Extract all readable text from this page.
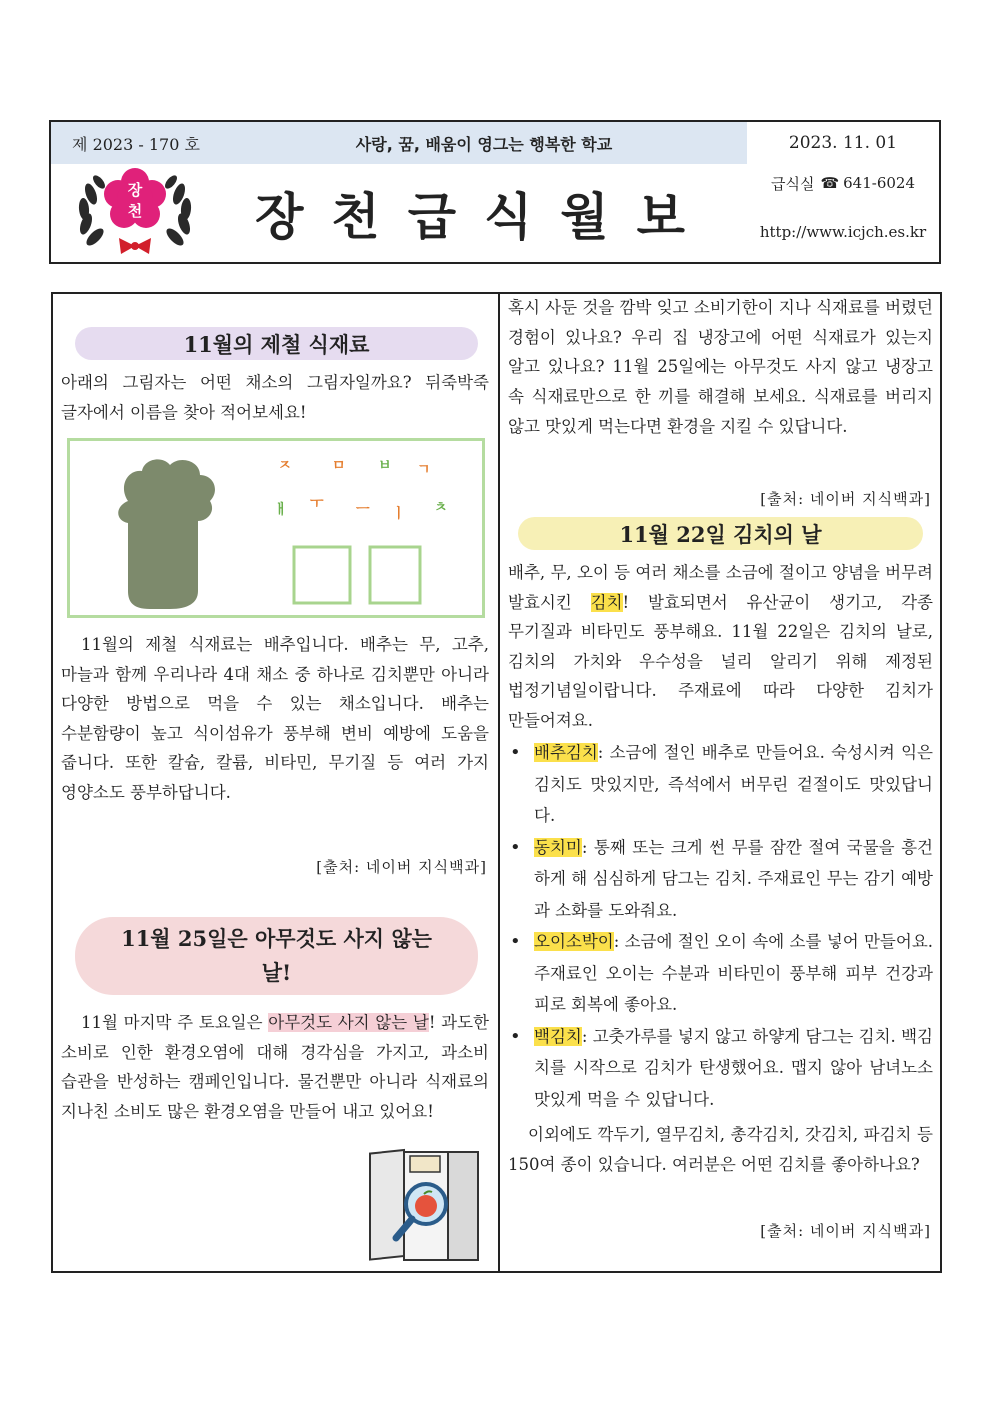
제 2023 - 170 호	사랑, 꿈, 배움이 영그는 행복한 학교	2023. 11. 01
장
천	장천급식월보
급식실 ☎ 641-6024
http://www.icjch.es.kr
11월의 제철 식재료

아래의 그림자는 어떤 채소의 그림자일까요? 뒤죽박죽 글자에서 이름을 찾아 적어보세요!

ㅈ	ㅁ ㅂ ㄱ
ㅐ ㅜ ㅡ ㅣ ㅊ

11월의 제철 식재료는 배추입니다. 배추는 무, 고추, 마늘과 함께 우리나라 4대 채소 중 하나로 김치뿐만 아니라 다양한 방법으로 먹을 수 있는 채소입니다. 배추는 수분함량이 높고 식이섬유가 풍부해 변비 예방에 도움을 줍니다. 또한 칼슘, 칼륨, 비타민, 무기질 등 여러 가지 영양소도 풍부하답니다.

[출처: 네이버 지식백과]
11월 25일은 아무것도 사지 않는
날!

11월 마지막 주 토요일은 아무것도 사지 않는 날! 과도한 소비로 인한 환경오염에 대해 경각심을 가지고, 과소비 습관을 반성하는 캠페인입니다. 물건뿐만 아니라 식재료의 지나친 소비도 많은 환경오염을 만들어 내고 있어요!

혹시 사둔 것을 깜박 잊고 소비기한이 지나 식재료를 버렸던 경험이 있나요? 우리 집 냉장고에 어떤 식재료가 있는지 알고 있나요? 11월 25일에는 아무것도 사지 않고 냉장고 속 식재료만으로 한 끼를 해결해 보세요. 식재료를 버리지 않고 맛있게 먹는다면 환경을 지킬 수 있답니다.

[출처: 네이버 지식백과]
11월 22일 김치의 날

배추, 무, 오이 등 여러 채소를 소금에 절이고 양념을 버무려 발효시킨 김치! 발효되면서 유산균이 생기고, 각종 무기질과 비타민도 풍부해요. 11월 22일은 김치의 날로, 김치의 가치와 우수성을 널리 알리기 위해 제정된 법정기념일이랍니다. 주재료에 따라 다양한 김치가 만들어져요.

• 배추김치: 소금에 절인 배추로 만들어요. 숙성시켜 익은 김치도 맛있지만, 즉석에서 버무린 겉절이도 맛있답니다.
• 동치미: 통째 또는 크게 썬 무를 잠깐 절여 국물을 흥건하게 해 심심하게 담그는 김치. 주재료인 무는 감기 예방과 소화를 도와줘요.
• 오이소박이: 소금에 절인 오이 속에 소를 넣어 만들어요. 주재료인 오이는 수분과 비타민이 풍부해 피부 건강과 피로 회복에 좋아요.
• 백김치: 고춧가루를 넣지 않고 하얗게 담그는 김치. 백김치를 시작으로 김치가 탄생했어요. 맵지 않아 남녀노소 맛있게 먹을 수 있답니다.

이외에도 깍두기, 열무김치, 총각김치, 갓김치, 파김치 등 150여 종이 있습니다. 여러분은 어떤 김치를 좋아하나요?

[출처: 네이버 지식백과]
